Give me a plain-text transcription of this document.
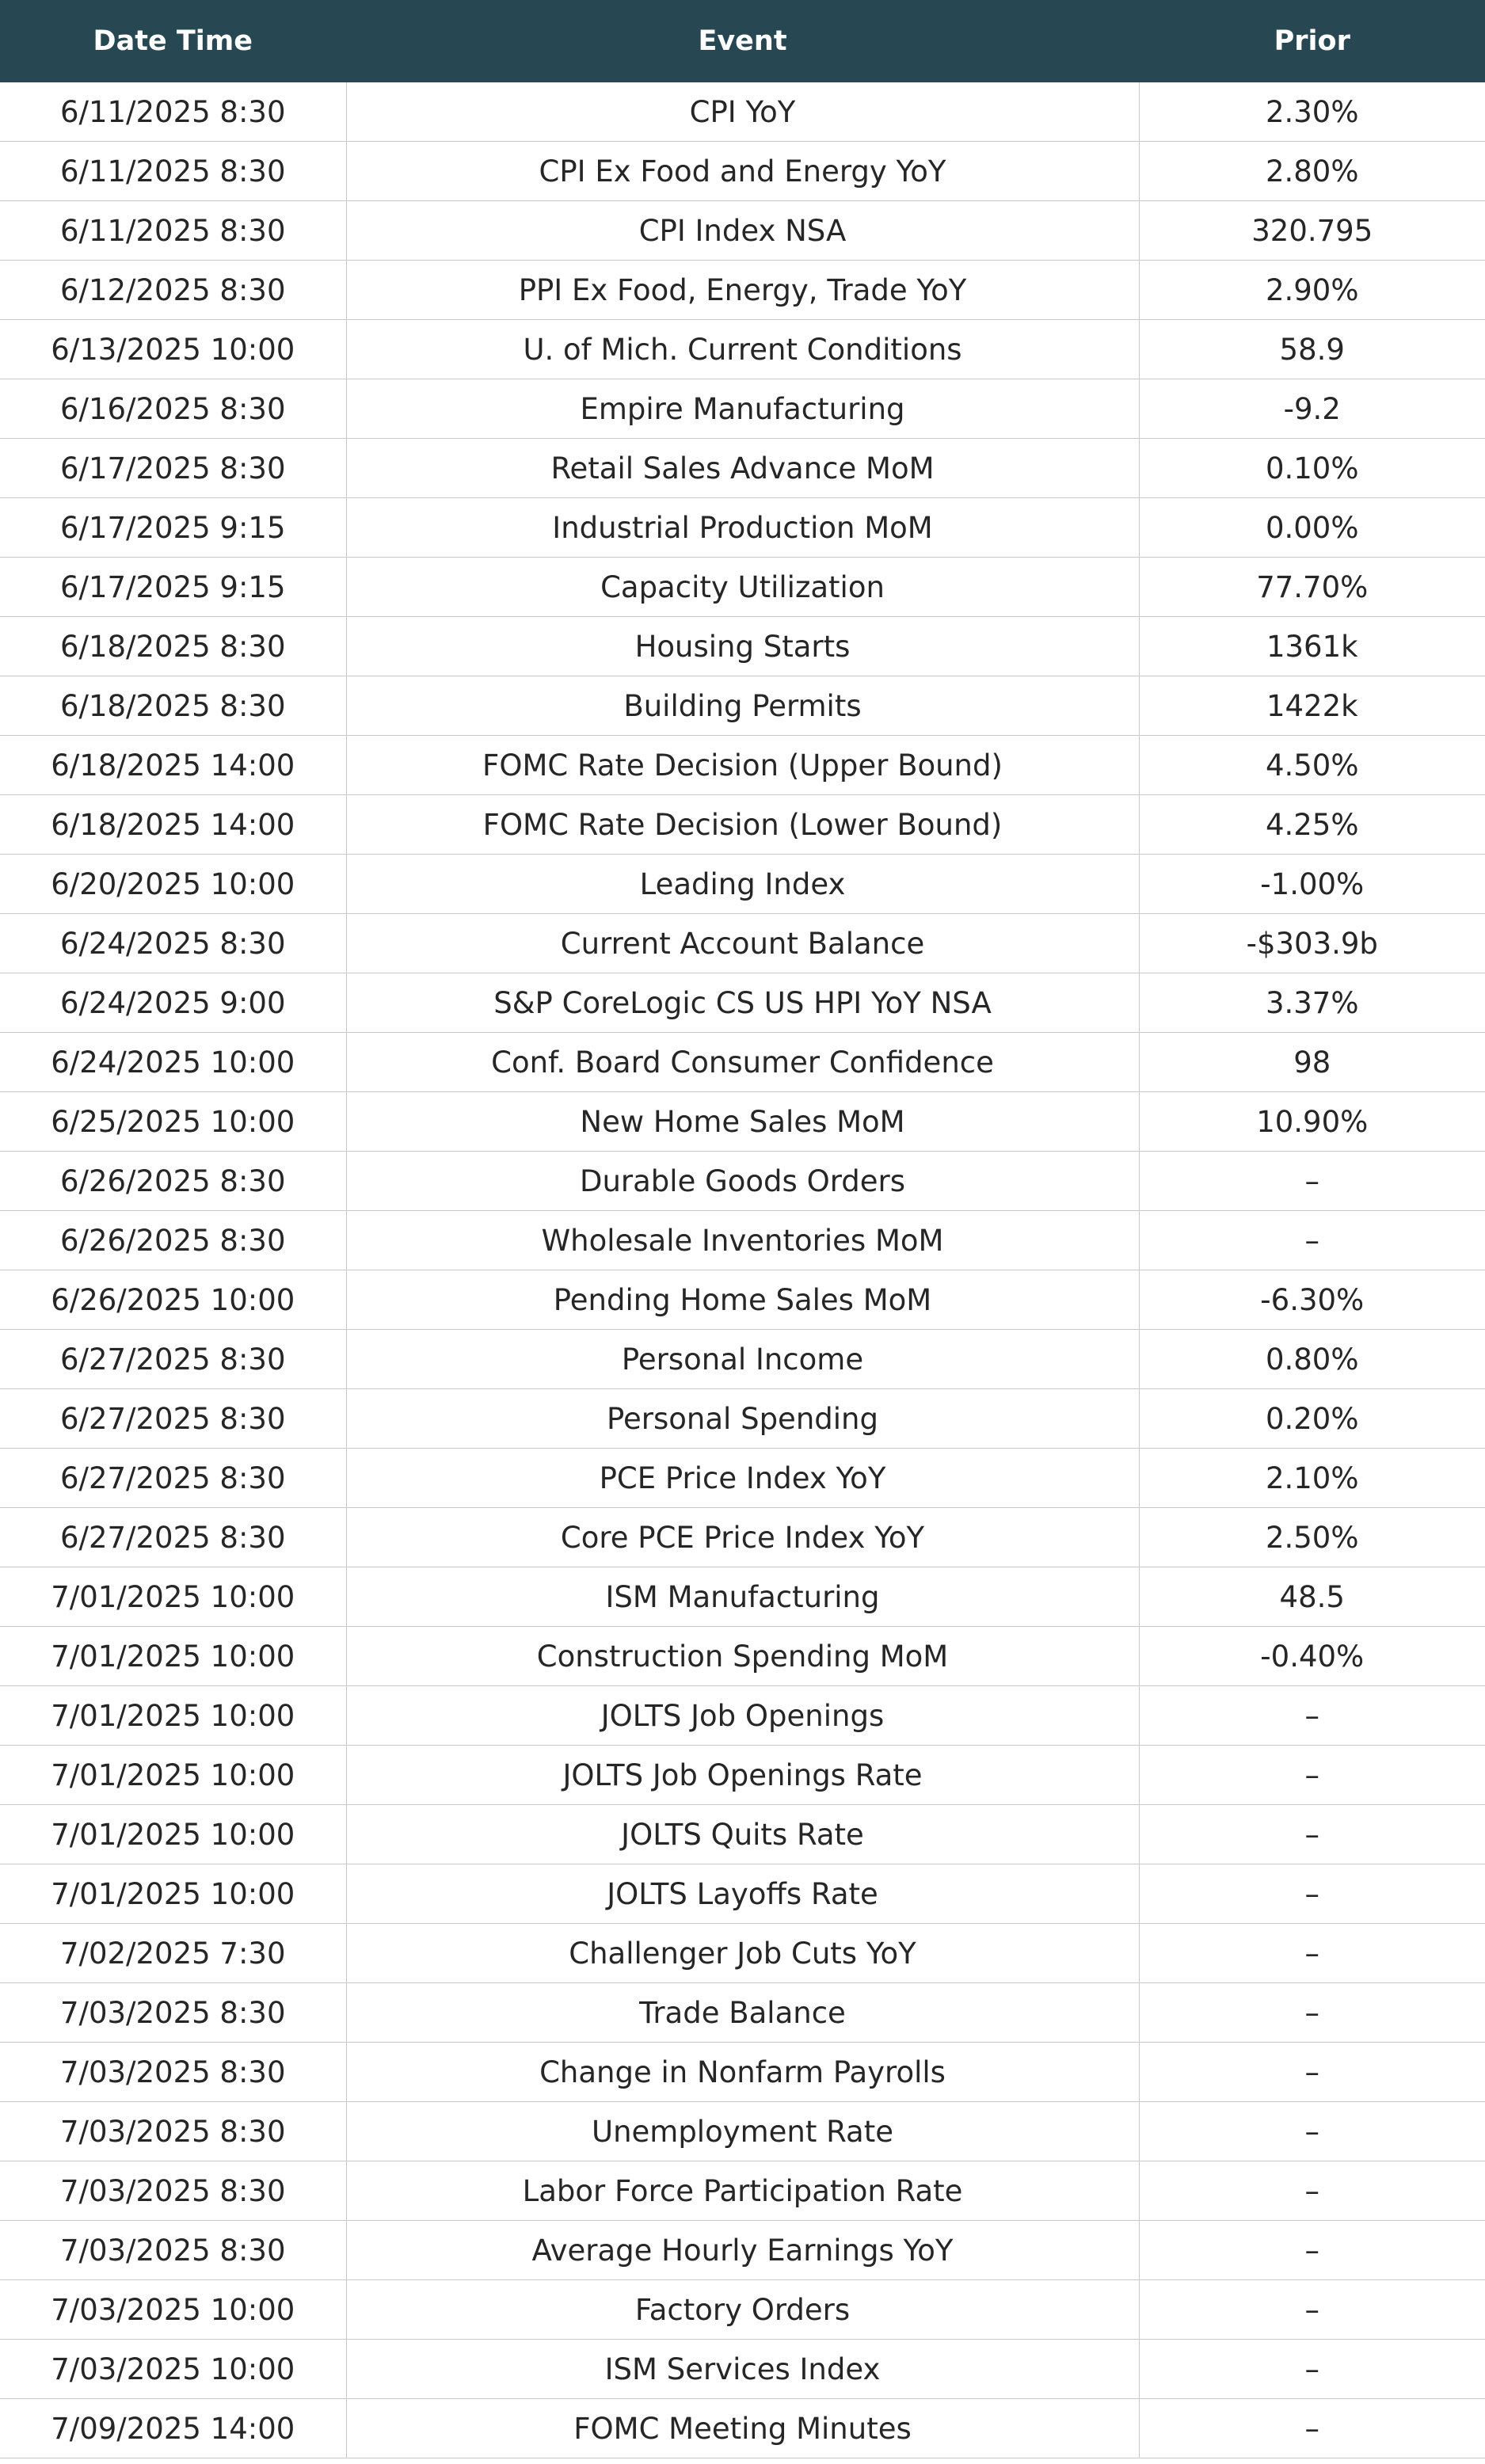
Date Time	Event	Prior
6/11/2025 8:30	CPI YoY	2.30%
6/11/2025 8:30	CPI Ex Food and Energy YoY	2.80%
6/11/2025 8:30	CPI Index NSA	320.795
6/12/2025 8:30	PPI Ex Food, Energy, Trade YoY	2.90%
6/13/2025 10:00	U. of Mich. Current Conditions	58.9
6/16/2025 8:30	Empire Manufacturing	-9.2
6/17/2025 8:30	Retail Sales Advance MoM	0.10%
6/17/2025 9:15	Industrial Production MoM	0.00%
6/17/2025 9:15	Capacity Utilization	77.70%
6/18/2025 8:30	Housing Starts	1361k
6/18/2025 8:30	Building Permits	1422k
6/18/2025 14:00	FOMC Rate Decision (Upper Bound)	4.50%
6/18/2025 14:00	FOMC Rate Decision (Lower Bound)	4.25%
6/20/2025 10:00	Leading Index	-1.00%
6/24/2025 8:30	Current Account Balance	-$303.9b
6/24/2025 9:00	S&P CoreLogic CS US HPI YoY NSA	3.37%
6/24/2025 10:00	Conf. Board Consumer Confidence	98
6/25/2025 10:00	New Home Sales MoM	10.90%
6/26/2025 8:30	Durable Goods Orders	–
6/26/2025 8:30	Wholesale Inventories MoM	–
6/26/2025 10:00	Pending Home Sales MoM	-6.30%
6/27/2025 8:30	Personal Income	0.80%
6/27/2025 8:30	Personal Spending	0.20%
6/27/2025 8:30	PCE Price Index YoY	2.10%
6/27/2025 8:30	Core PCE Price Index YoY	2.50%
7/01/2025 10:00	ISM Manufacturing	48.5
7/01/2025 10:00	Construction Spending MoM	-0.40%
7/01/2025 10:00	JOLTS Job Openings	–
7/01/2025 10:00	JOLTS Job Openings Rate	–
7/01/2025 10:00	JOLTS Quits Rate	–
7/01/2025 10:00	JOLTS Layoffs Rate	–
7/02/2025 7:30	Challenger Job Cuts YoY	–
7/03/2025 8:30	Trade Balance	–
7/03/2025 8:30	Change in Nonfarm Payrolls	–
7/03/2025 8:30	Unemployment Rate	–
7/03/2025 8:30	Labor Force Participation Rate	–
7/03/2025 8:30	Average Hourly Earnings YoY	–
7/03/2025 10:00	Factory Orders	–
7/03/2025 10:00	ISM Services Index	–
7/09/2025 14:00	FOMC Meeting Minutes	–
